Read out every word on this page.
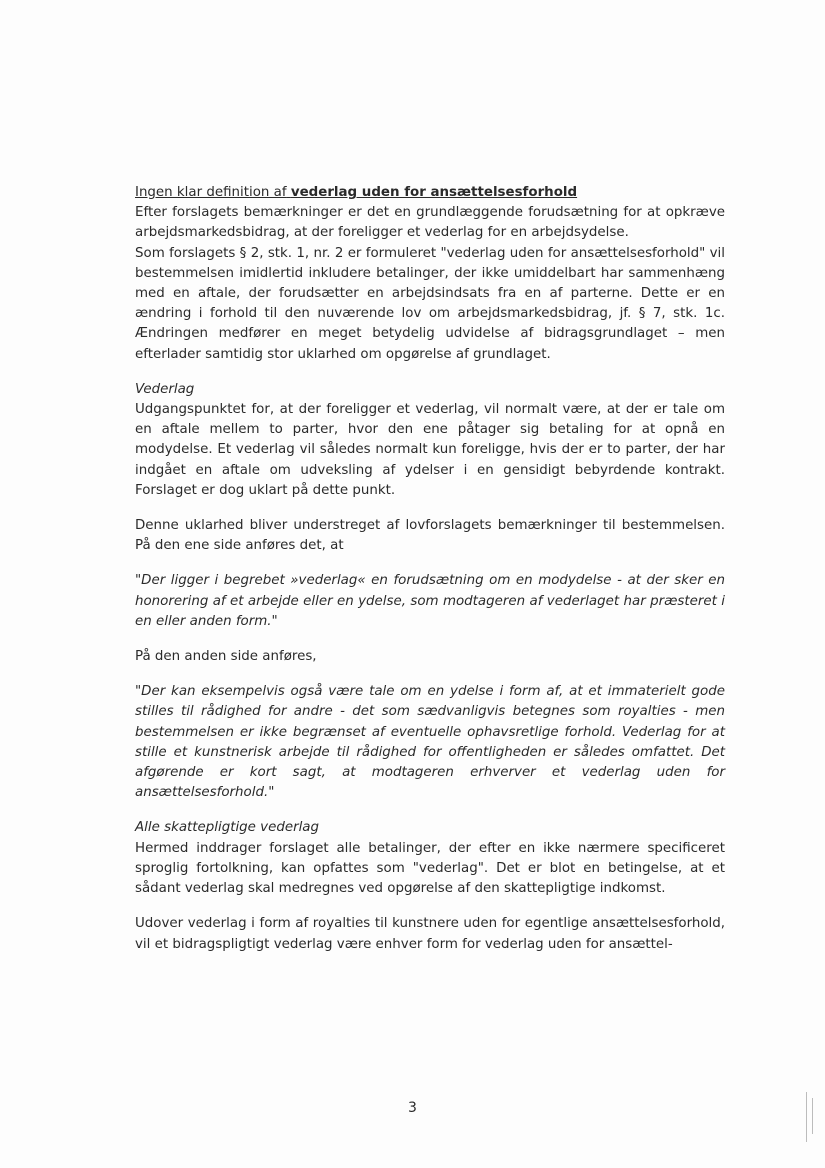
Ingen klar definition af vederlag uden for ansættelsesforhold
Efter forslagets bemærkninger er det en grundlæggende forudsætning for at opkræve arbejdsmarkedsbidrag, at der foreligger et vederlag for en arbejdsydelse.

Som forslagets § 2, stk. 1, nr. 2 er formuleret "vederlag uden for ansættelsesforhold" vil bestemmelsen imidlertid inkludere betalinger, der ikke umiddelbart har sammenhæng med en aftale, der forudsætter en arbejdsindsats fra en af parterne. Dette er en ændring i forhold til den nuværende lov om arbejdsmarkedsbidrag, jf. § 7, stk. 1c. Ændringen medfører en meget betydelig udvidelse af bidragsgrundlaget – men efterlader samtidig stor uklarhed om opgørelse af grundlaget.

Vederlag
Udgangspunktet for, at der foreligger et vederlag, vil normalt være, at der er tale om en aftale mellem to parter, hvor den ene påtager sig betaling for at opnå en modydelse. Et vederlag vil således normalt kun foreligge, hvis der er to parter, der har indgået en aftale om udveksling af ydelser i en gensidigt bebyrdende kontrakt. Forslaget er dog uklart på dette punkt.

Denne uklarhed bliver understreget af lovforslagets bemærkninger til bestemmelsen. På den ene side anføres det, at

"Der ligger i begrebet »vederlag« en forudsætning om en modydelse - at der sker en honorering af et arbejde eller en ydelse, som modtageren af vederlaget har præsteret i en eller anden form."

På den anden side anføres,

"Der kan eksempelvis også være tale om en ydelse i form af, at et immaterielt gode stilles til rådighed for andre - det som sædvanligvis betegnes som royalties - men bestemmelsen er ikke begrænset af eventuelle ophavsretlige forhold. Vederlag for at stille et kunstnerisk arbejde til rådighed for offentligheden er således omfattet. Det afgørende er kort sagt, at modtageren erhverver et vederlag uden for ansættelsesforhold."

Alle skattepligtige vederlag
Hermed inddrager forslaget alle betalinger, der efter en ikke nærmere specificeret sproglig fortolkning, kan opfattes som "vederlag". Det er blot en betingelse, at et sådant vederlag skal medregnes ved opgørelse af den skattepligtige indkomst.

Udover vederlag i form af royalties til kunstnere uden for egentlige ansættelsesforhold, vil et bidragspligtigt vederlag være enhver form for vederlag uden for ansættel-

3
